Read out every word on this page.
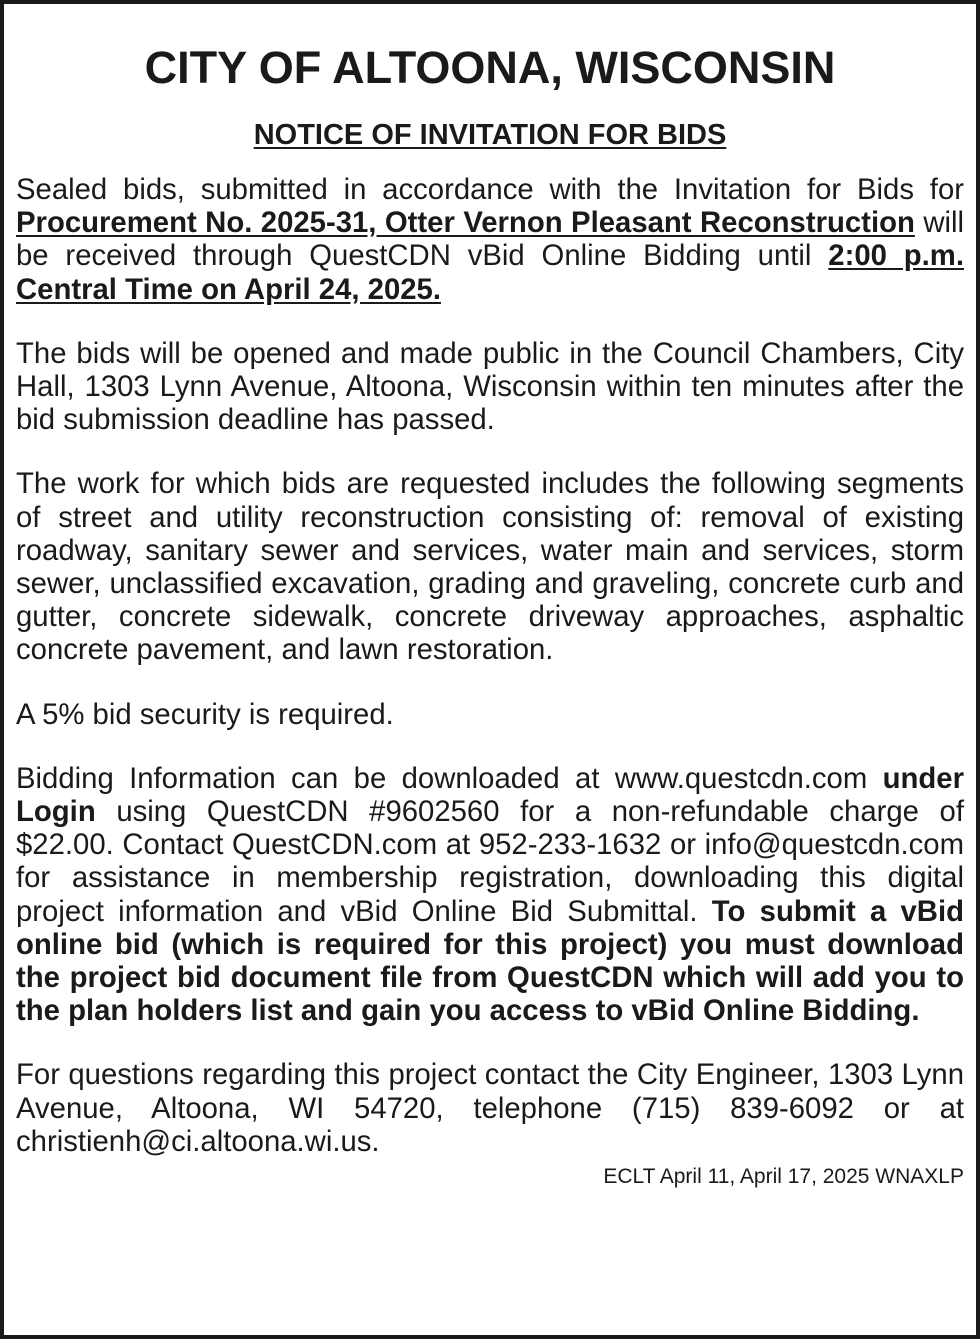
CITY OF ALTOONA, WISCONSIN
NOTICE OF INVITATION FOR BIDS

Sealed bids, submitted in accordance with the Invitation for Bids for Procurement No. 2025-31, Otter Vernon Pleasant Reconstruction will be received through QuestCDN vBid Online Bidding until 2:00 p.m. Central Time on April 24, 2025.

The bids will be opened and made public in the Council Chambers, City Hall, 1303 Lynn Avenue, Altoona, Wisconsin within ten minutes after the bid submission deadline has passed.

The work for which bids are requested includes the following segments of street and utility reconstruction consisting of: removal of existing roadway, sanitary sewer and services, water main and services, storm sewer, unclassified excavation, grading and graveling, concrete curb and gutter, concrete sidewalk, concrete driveway approaches, asphaltic concrete pavement, and lawn restoration.

A 5% bid security is required.

Bidding Information can be downloaded at www.questcdn.com under Login using QuestCDN #9602560 for a non-refundable charge of $22.00. Contact QuestCDN.com at 952-233-1632 or info@questcdn.com for assistance in membership registration, downloading this digital project information and vBid Online Bid Submittal. To submit a vBid online bid (which is required for this project) you must download the project bid document file from QuestCDN which will add you to the plan holders list and gain you access to vBid Online Bidding.

For questions regarding this project contact the City Engineer, 1303 Lynn Avenue, Altoona, WI 54720, telephone (715) 839-6092 or at christienh@ci.altoona.wi.us.

ECLT April 11, April 17, 2025 WNAXLP
